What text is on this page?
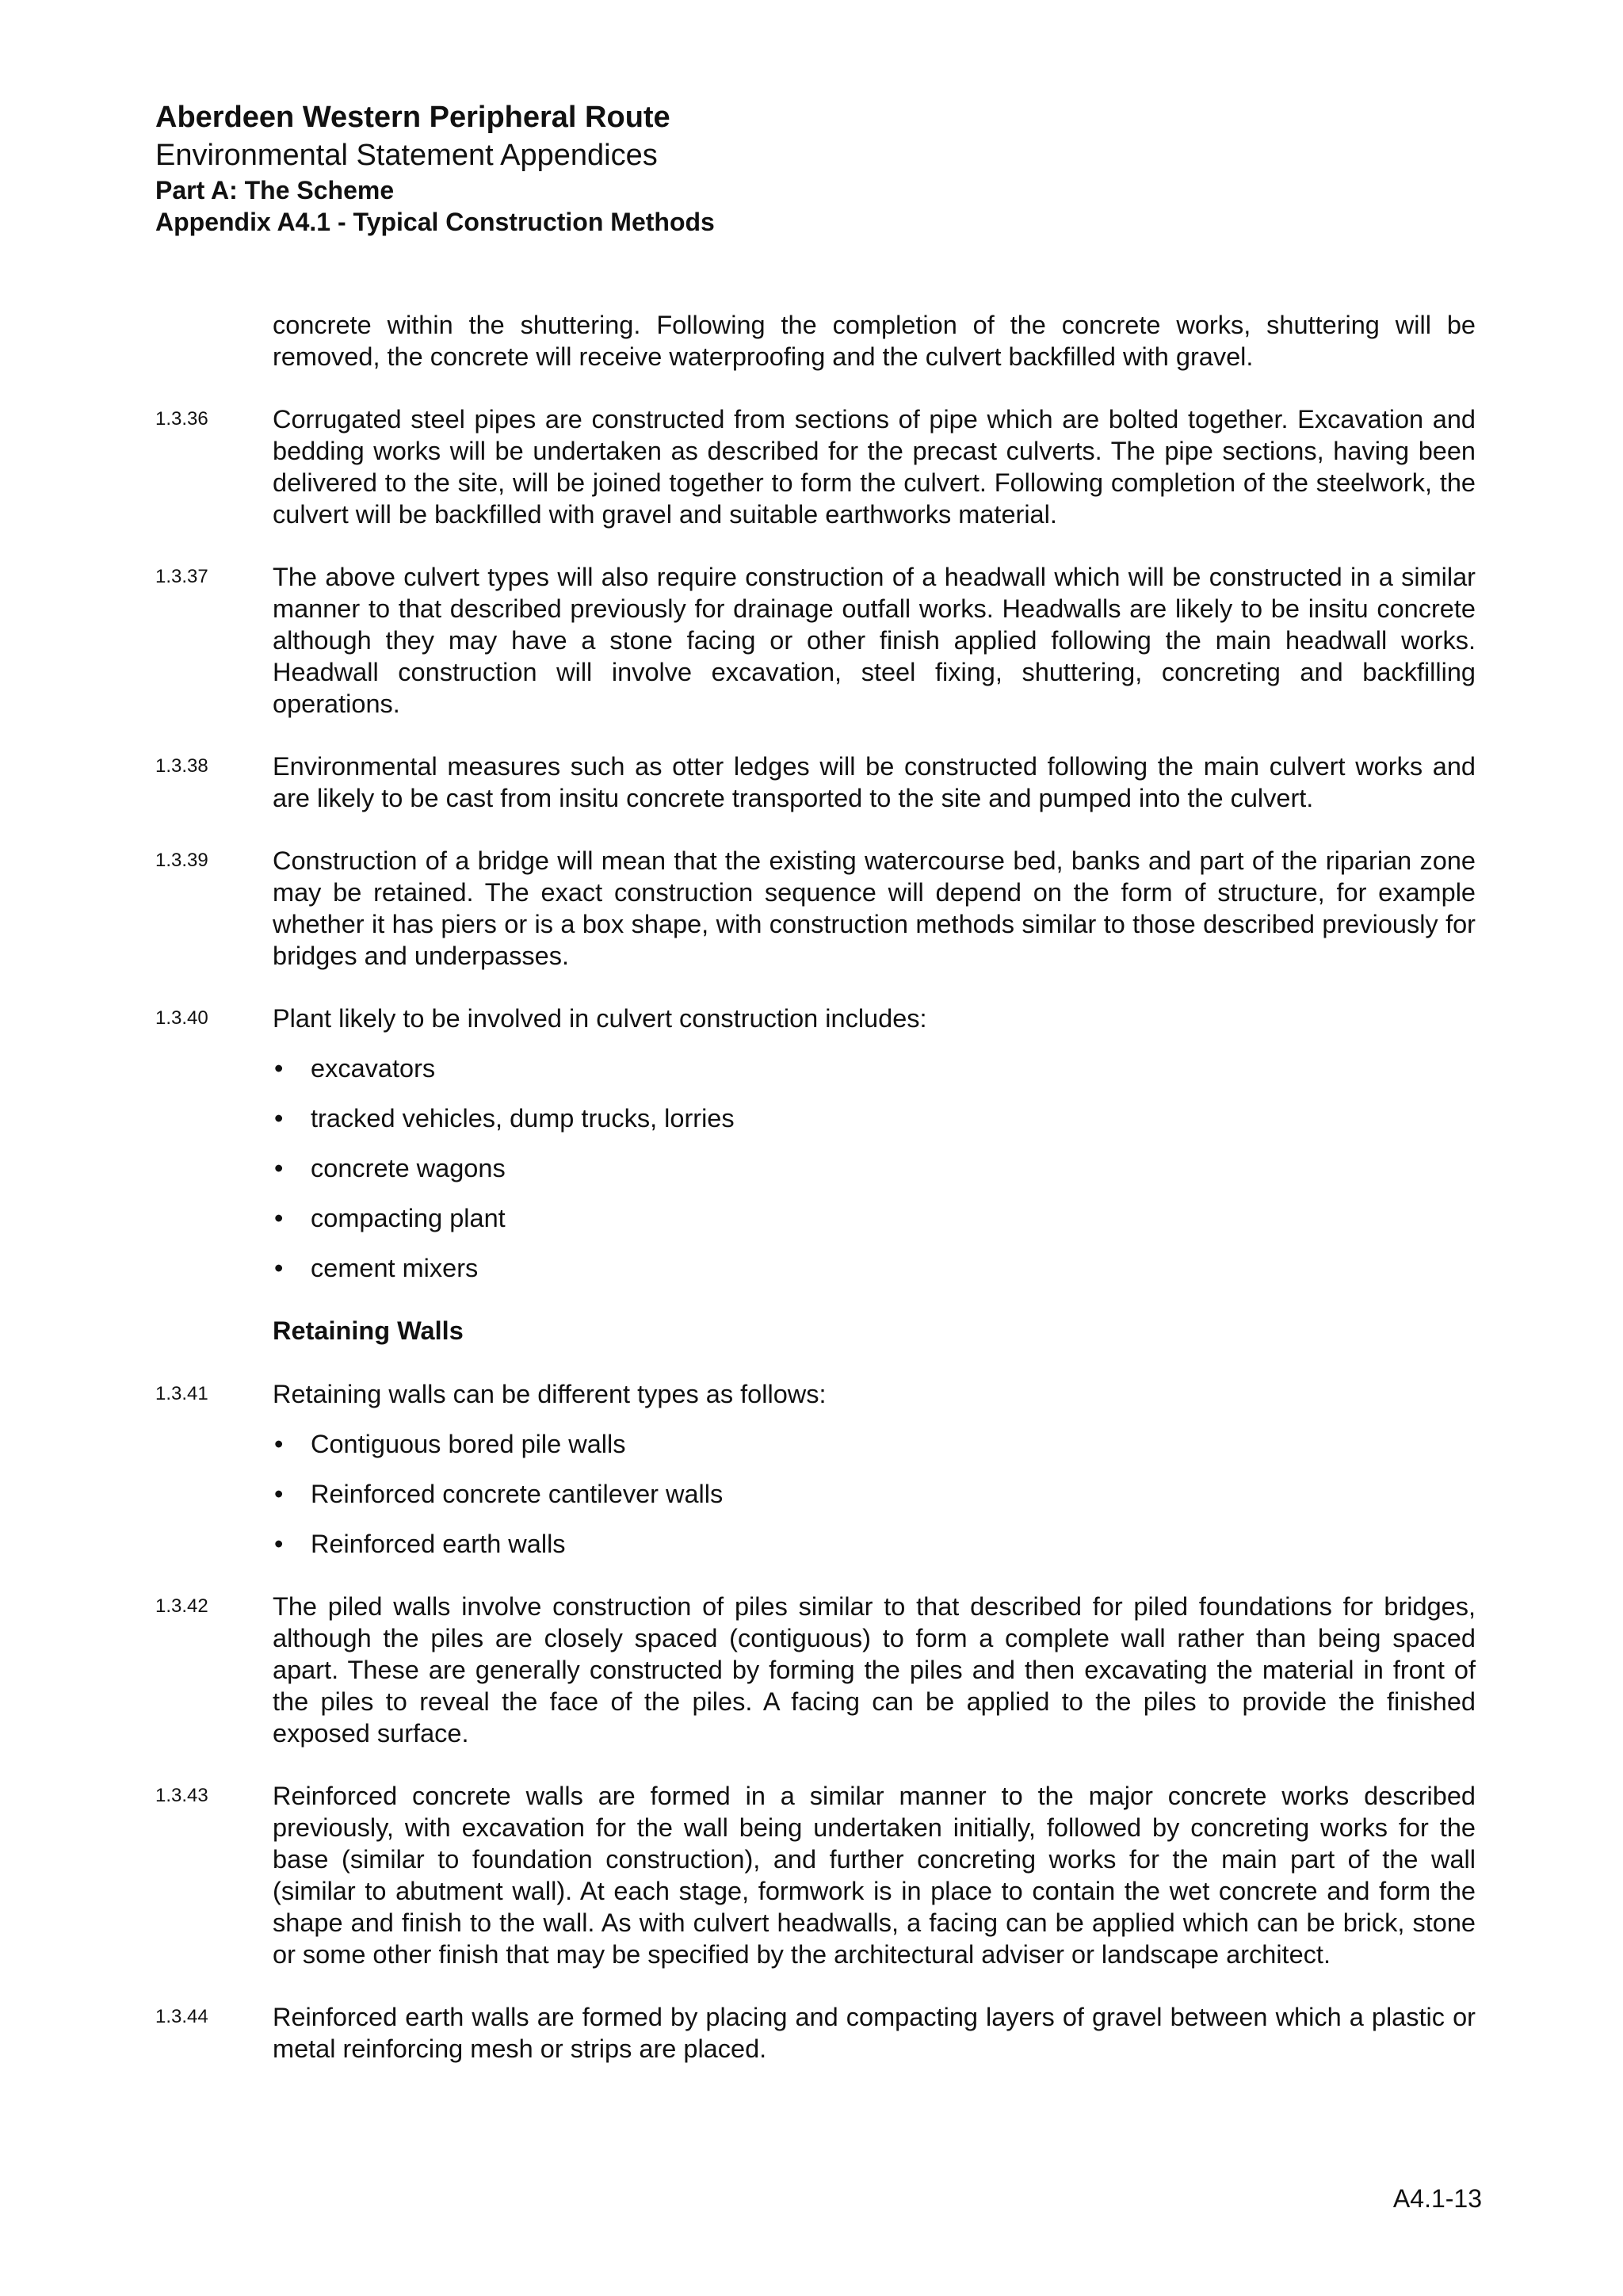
Aberdeen Western Peripheral Route
Environmental Statement Appendices
Part A: The Scheme
Appendix A4.1 - Typical Construction Methods
concrete within the shuttering. Following the completion of the concrete works, shuttering will be removed, the concrete will receive waterproofing and the culvert backfilled with gravel.
1.3.36	Corrugated steel pipes are constructed from sections of pipe which are bolted together. Excavation and bedding works will be undertaken as described for the precast culverts. The pipe sections, having been delivered to the site, will be joined together to form the culvert. Following completion of the steelwork, the culvert will be backfilled with gravel and suitable earthworks material.
1.3.37	The above culvert types will also require construction of a headwall which will be constructed in a similar manner to that described previously for drainage outfall works. Headwalls are likely to be insitu concrete although they may have a stone facing or other finish applied following the main headwall works. Headwall construction will involve excavation, steel fixing, shuttering, concreting and backfilling operations.
1.3.38	Environmental measures such as otter ledges will be constructed following the main culvert works and are likely to be cast from insitu concrete transported to the site and pumped into the culvert.
1.3.39	Construction of a bridge will mean that the existing watercourse bed, banks and part of the riparian zone may be retained. The exact construction sequence will depend on the form of structure, for example whether it has piers or is a box shape, with construction methods similar to those described previously for bridges and underpasses.
1.3.40	Plant likely to be involved in culvert construction includes:
• excavators
• tracked vehicles, dump trucks, lorries
• concrete wagons
• compacting plant
• cement mixers
Retaining Walls
1.3.41	Retaining walls can be different types as follows:
• Contiguous bored pile walls
• Reinforced concrete cantilever walls
• Reinforced earth walls
1.3.42	The piled walls involve construction of piles similar to that described for piled foundations for bridges, although the piles are closely spaced (contiguous) to form a complete wall rather than being spaced apart. These are generally constructed by forming the piles and then excavating the material in front of the piles to reveal the face of the piles. A facing can be applied to the piles to provide the finished exposed surface.
1.3.43	Reinforced concrete walls are formed in a similar manner to the major concrete works described previously, with excavation for the wall being undertaken initially, followed by concreting works for the base (similar to foundation construction), and further concreting works for the main part of the wall (similar to abutment wall). At each stage, formwork is in place to contain the wet concrete and form the shape and finish to the wall. As with culvert headwalls, a facing can be applied which can be brick, stone or some other finish that may be specified by the architectural adviser or landscape architect.
1.3.44	Reinforced earth walls are formed by placing and compacting layers of gravel between which a plastic or metal reinforcing mesh or strips are placed.
A4.1-13
